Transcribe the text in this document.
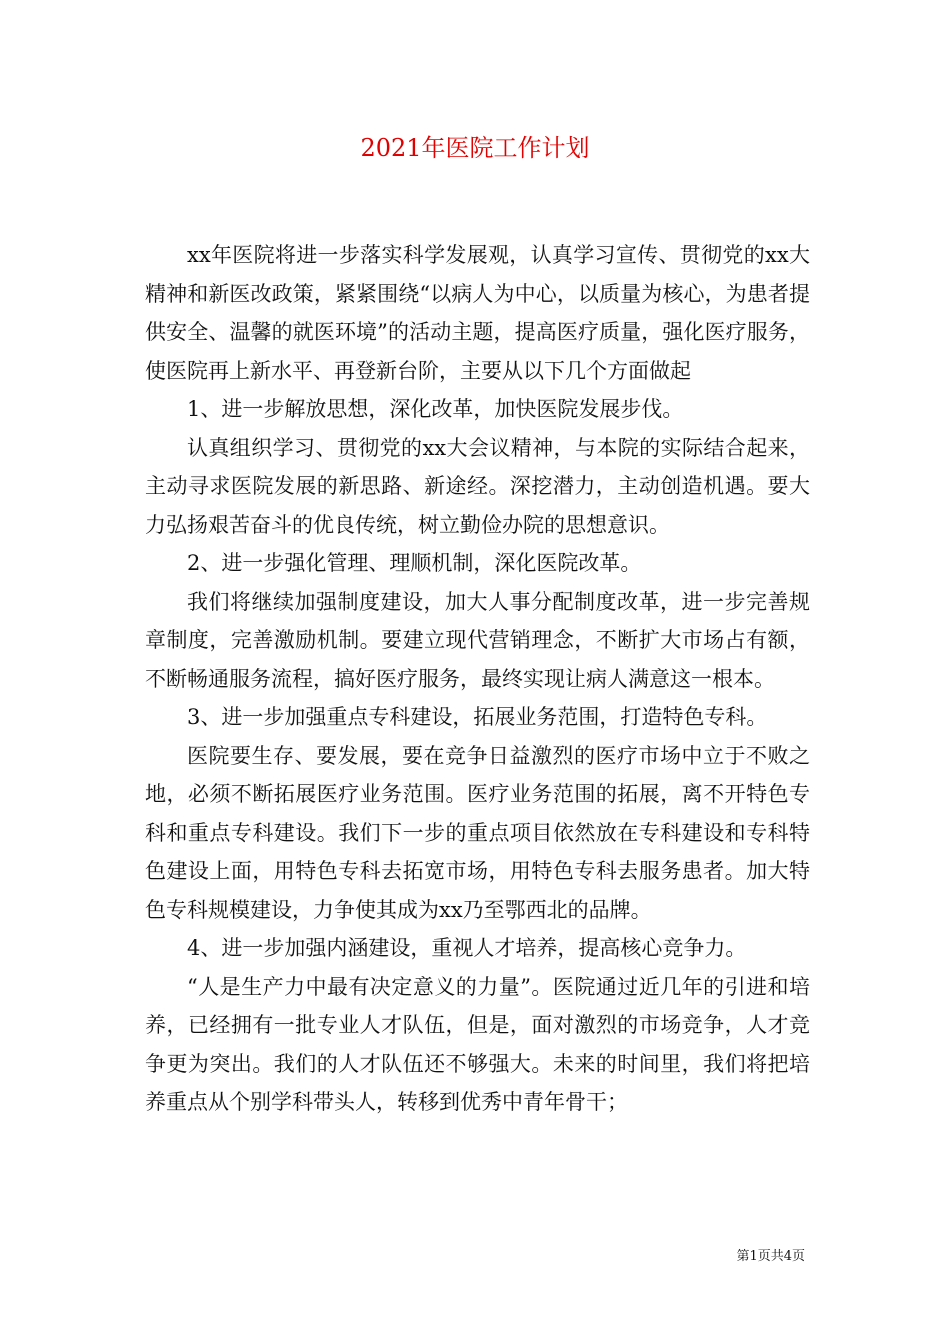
2021年医院工作计划

xx年医院将进一步落实科学发展观，认真学习宣传、贯彻党的xx大精神和新医改政策，紧紧围绕“以病人为中心，以质量为核心，为患者提供安全、温馨的就医环境”的活动主题，提高医疗质量，强化医疗服务，使医院再上新水平、再登新台阶，主要从以下几个方面做起

1、进一步解放思想，深化改革，加快医院发展步伐。

认真组织学习、贯彻党的xx大会议精神，与本院的实际结合起来，主动寻求医院发展的新思路、新途经。深挖潜力，主动创造机遇。要大力弘扬艰苦奋斗的优良传统，树立勤俭办院的思想意识。

2、进一步强化管理、理顺机制，深化医院改革。

我们将继续加强制度建设，加大人事分配制度改革，进一步完善规章制度，完善激励机制。要建立现代营销理念，不断扩大市场占有额，不断畅通服务流程，搞好医疗服务，最终实现让病人满意这一根本。

3、进一步加强重点专科建设，拓展业务范围，打造特色专科。

医院要生存、要发展，要在竞争日益激烈的医疗市场中立于不败之地，必须不断拓展医疗业务范围。医疗业务范围的拓展，离不开特色专科和重点专科建设。我们下一步的重点项目依然放在专科建设和专科特色建设上面，用特色专科去拓宽市场，用特色专科去服务患者。加大特色专科规模建设，力争使其成为xx乃至鄂西北的品牌。

4、进一步加强内涵建设，重视人才培养，提高核心竞争力。

“人是生产力中最有决定意义的力量”。医院通过近几年的引进和培养，已经拥有一批专业人才队伍，但是，面对激烈的市场竞争，人才竞争更为突出。我们的人才队伍还不够强大。未来的时间里，我们将把培养重点从个别学科带头人，转移到优秀中青年骨干；

第1页共4页
